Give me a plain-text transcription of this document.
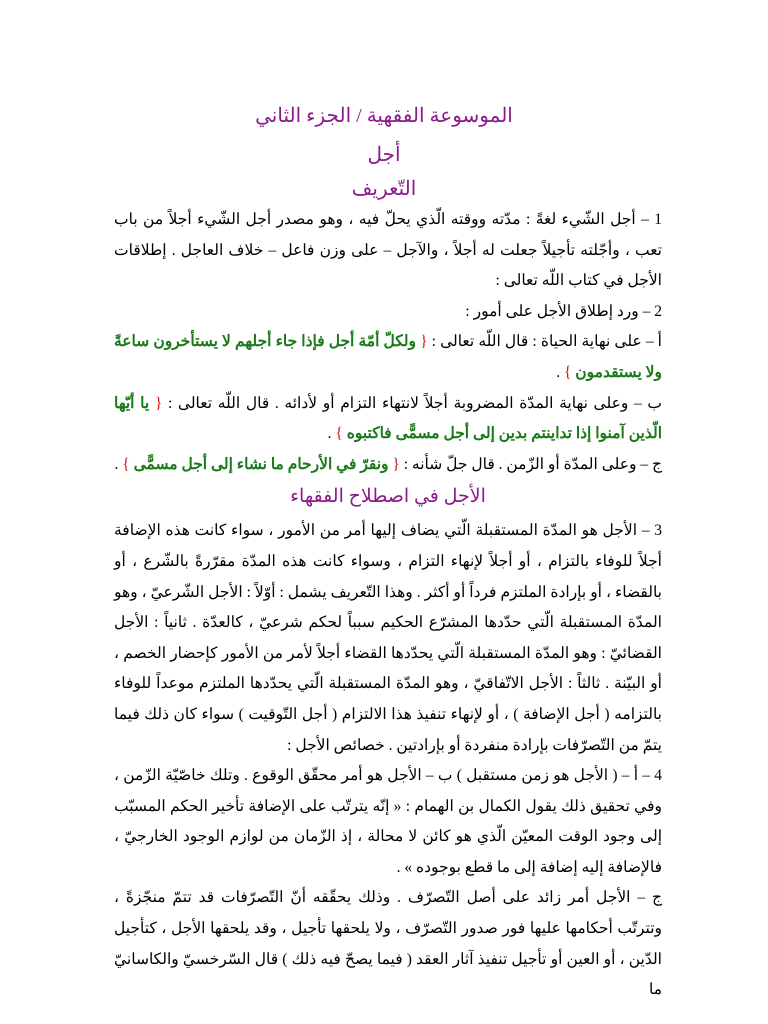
الموسوعة الفقهية / الجزء الثاني
أجل
التّعريف

1 – أجل الشّيء لغةً : مدّته ووقته الّذي يحلّ فيه ، وهو مصدر أجل الشّيء أجلاً من باب تعب ، وأجّلته تأجيلاً جعلت له أجلاً ، والآجل – على وزن فاعل – خلاف العاجل . إطلاقات الأجل في كتاب اللّه تعالى :

2 – ورد إطلاق الأجل على أمور :

أ – على نهاية الحياة : قال اللّه تعالى : { ولكلّ أمّة أجل فإذا جاء أجلهم لا يستأخرون ساعةً ولا يستقدمون } .

ب – وعلى نهاية المدّة المضروبة أجلاً لانتهاء التزام أو لأدائه . قال اللّه تعالى : { يا أيّها الّذين آمنوا إذا تداينتم بدين إلى أجل مسمًّى فاكتبوه } .

ج – وعلى المدّة أو الزّمن . قال جلّ شأنه : { ونقرّ في الأرحام ما نشاء إلى أجل مسمًّى } .

الأجل في اصطلاح الفقهاء

3 – الأجل هو المدّة المستقبلة الّتي يضاف إليها أمر من الأمور ، سواء كانت هذه الإضافة أجلاً للوفاء بالتزام ، أو أجلاً لإنهاء التزام ، وسواء كانت هذه المدّة مقرّرةً بالشّرع ، أو بالقضاء ، أو بإرادة الملتزم فرداً أو أكثر . وهذا التّعريف يشمل : أوّلاً : الأجل الشّرعيّ ، وهو المدّة المستقبلة الّتي حدّدها المشرّع الحكيم سبباً لحكم شرعيّ ، كالعدّة . ثانياً : الأجل القضائيّ : وهو المدّة المستقبلة الّتي يحدّدها القضاء أجلاً لأمر من الأمور كإحضار الخصم ، أو البيّنة . ثالثاً : الأجل الاتّفاقيّ ، وهو المدّة المستقبلة الّتي يحدّدها الملتزم موعداً للوفاء بالتزامه ( أجل الإضافة ) ، أو لإنهاء تنفيذ هذا الالتزام ( أجل التّوقيت ) سواء كان ذلك فيما يتمّ من التّصرّفات بإرادة منفردة أو بإرادتين . خصائص الأجل :

4 – أ – ( الأجل هو زمن مستقبل ) ب – الأجل هو أمر محقّق الوقوع . وتلك خاصّيّة الزّمن ، وفي تحقيق ذلك يقول الكمال بن الهمام : « إنّه يترتّب على الإضافة تأخير الحكم المسبّب إلى وجود الوقت المعيّن الّذي هو كائن لا محالة ، إذ الزّمان من لوازم الوجود الخارجيّ ، فالإضافة إليه إضافة إلى ما قطع بوجوده » .

ج – الأجل أمر زائد على أصل التّصرّف . وذلك يحقّقه أنّ التّصرّفات قد تتمّ منجّزةً ، وتترتّب أحكامها عليها فور صدور التّصرّف ، ولا يلحقها تأجيل ، وقد يلحقها الأجل ، كتأجيل الدّين ، أو العين أو تأجيل تنفيذ آثار العقد ( فيما يصحّ فيه ذلك ) قال السّرخسيّ والكاسانيّ ما
